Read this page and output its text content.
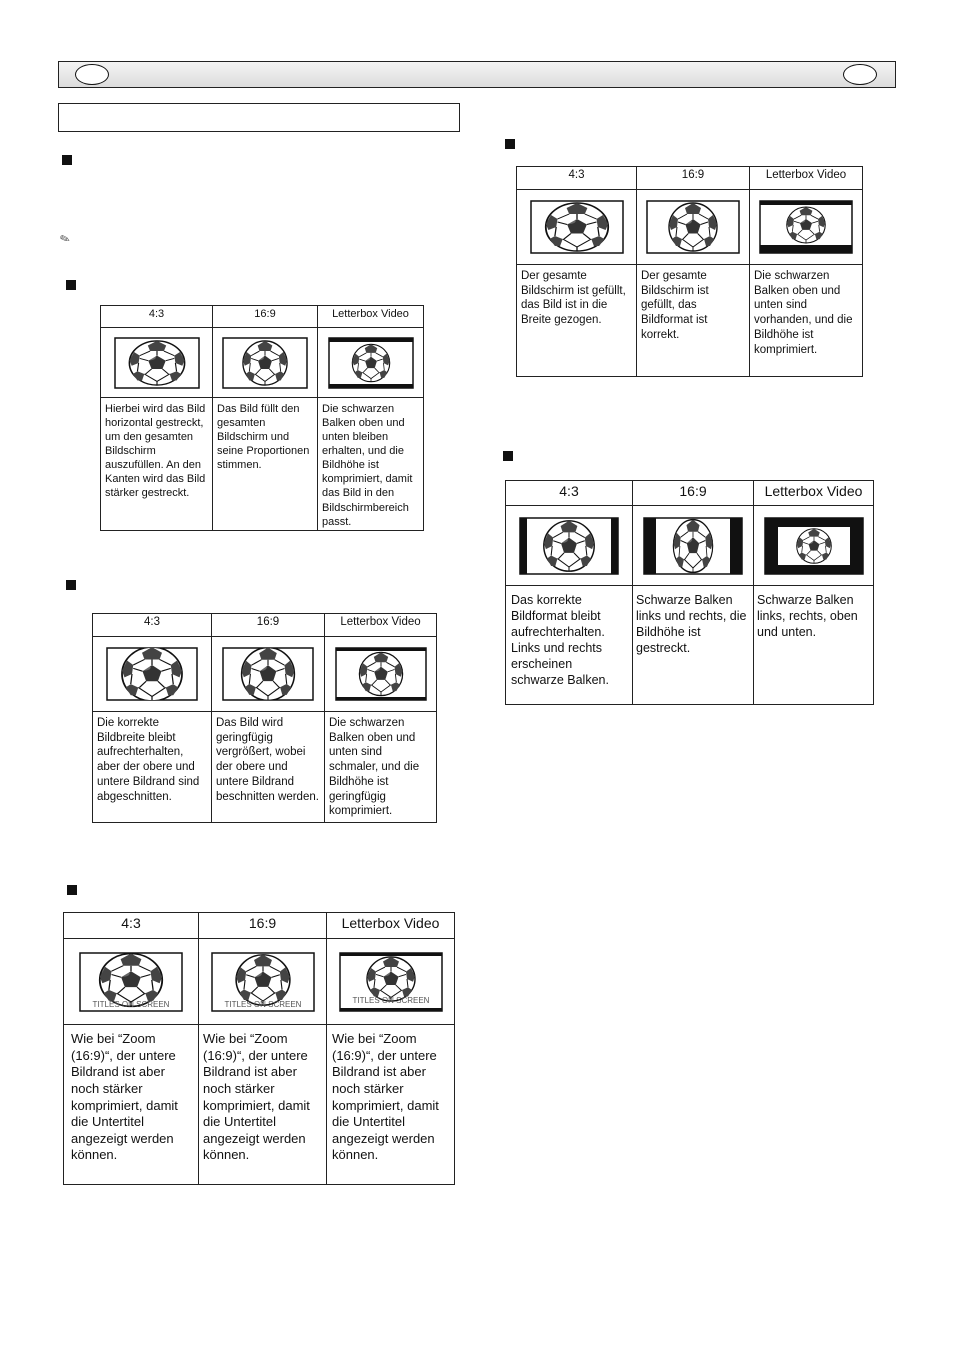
✎
4:3	16:9	Letterbox Video

Hierbei wird das Bild horizontal gestreckt, um den gesamten Bildschirm auszufüllen. An den Kanten wird das Bild stärker gestreckt.	Das Bild füllt den gesamten Bildschirm und seine Proportionen stimmen.	Die schwarzen Balken oben und unten bleiben erhalten, und die Bildhöhe ist komprimiert, damit das Bild in den Bildschirmbereich passt.
4:3	16:9	Letterbox Video

Die korrekte Bildbreite bleibt aufrechterhalten, aber der obere und untere Bildrand sind abgeschnitten.	Das Bild wird geringfügig vergrößert, wobei der obere und untere Bildrand beschnitten werden.	Die schwarzen Balken oben und unten sind schmaler, und die Bildhöhe ist geringfügig komprimiert.
4:3	16:9	Letterbox Video

TITLES ON SCREEN	TITLES ON SCREEN	TITLES ON SCREEN

Wie bei “Zoom (16:9)“, der untere Bildrand ist aber noch stärker komprimiert, damit die Untertitel angezeigt werden können.	Wie bei “Zoom (16:9)“, der untere Bildrand ist aber noch stärker komprimiert, damit die Untertitel angezeigt werden können.	Wie bei “Zoom (16:9)“, der untere Bildrand ist aber noch stärker komprimiert, damit die Untertitel angezeigt werden können.
4:3	16:9	Letterbox Video

Der gesamte Bildschirm ist gefüllt, das Bild ist in die Breite gezogen.	Der gesamte Bildschirm ist gefüllt, das Bildformat ist korrekt.	Die schwarzen Balken oben und unten sind vorhanden, und die Bildhöhe ist komprimiert.
4:3	16:9	Letterbox Video

Das korrekte Bildformat bleibt aufrechterhalten. Links und rechts erscheinen schwarze Balken.	Schwarze Balken links und rechts, die Bildhöhe ist gestreckt.	Schwarze Balken links, rechts, oben und unten.
